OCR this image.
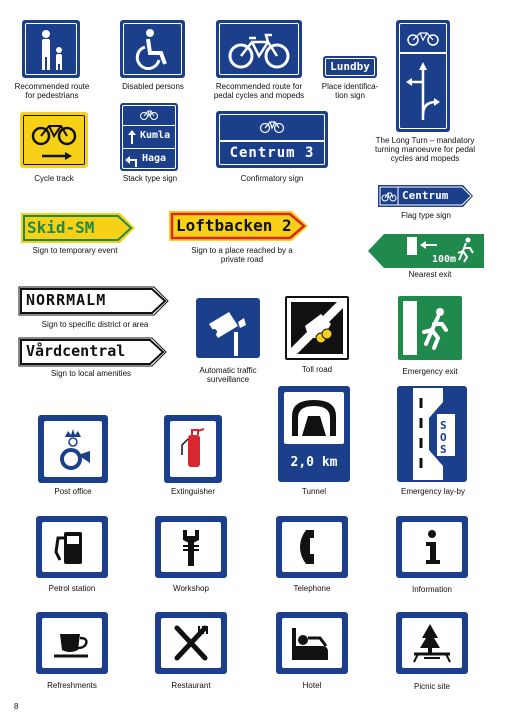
Recommended route for pedestrians
Disabled persons	Recommended route for pedal cycles and mopeds
Lundby
Place identifica-tion sign
The Long Turn – mandatory turning manoeuvre for pedal cycles and mopeds
Cycle track
Kumla
Haga
Stack type sign
Centrum 3
Confirmatory sign
Centrum
Flag type sign
Skid-SM
Sign to temporary event
Loftbacken 2
Sign to a place reached by a private road	100m
Nearest exit
NORRMALM
Sign to specific district or area
Vårdcentral
Sign to local amenities	Automatic traffic surveillance
Toll road	Emergency exit
Post office	Extinguisher
2,0 km
Tunnel
SOS
Emergency lay-by
Petrol station	Workshop	Telephone	Information
Refreshments	Restaurant	Hotel	Picnic site
8
